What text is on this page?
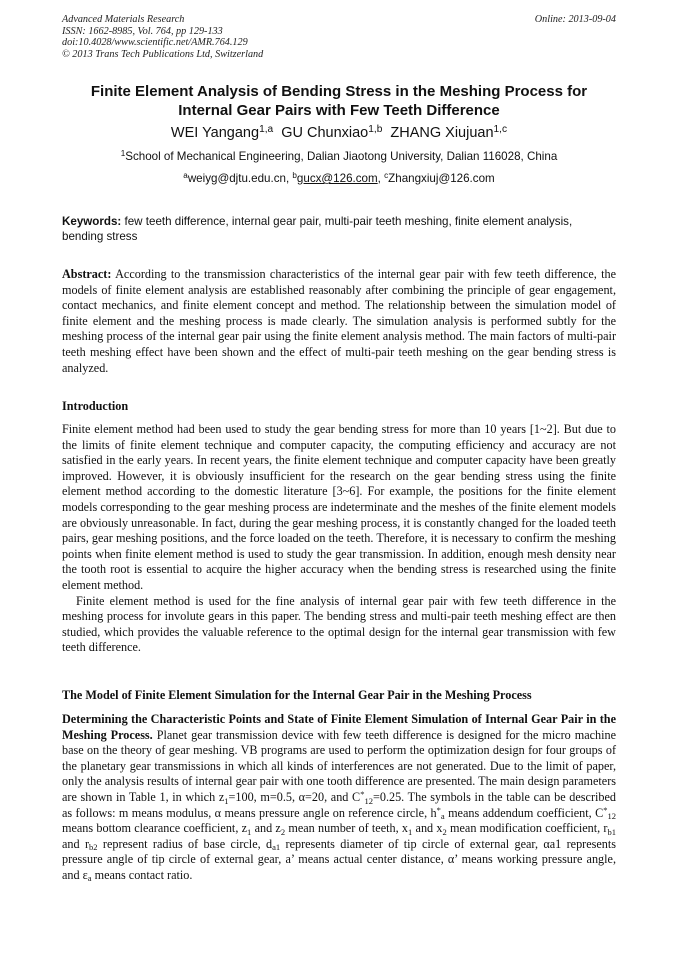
Advanced Materials Research
ISSN: 1662-8985, Vol. 764, pp 129-133
doi:10.4028/www.scientific.net/AMR.764.129
© 2013 Trans Tech Publications Ltd, Switzerland
Online: 2013-09-04
Finite Element Analysis of Bending Stress in the Meshing Process for Internal Gear Pairs with Few Teeth Difference
WEI Yangang$^{1,a}$ GU Chunxiao$^{1,b}$ ZHANG Xiujuan$^{1,c}$
$^1$School of Mechanical Engineering, Dalian Jiaotong University, Dalian 116028, China
$^a$weiyg@djtu.edu.cn, $^b$gucx@126.com, $^c$Zhangxiuj@126.com
Keywords: few teeth difference, internal gear pair, multi-pair teeth meshing, finite element analysis, bending stress
Abstract: According to the transmission characteristics of the internal gear pair with few teeth difference, the models of finite element analysis are established reasonably after combining the principle of gear engagement, contact mechanics, and finite element concept and method. The relationship between the simulation model of finite element and the meshing process is made clearly. The simulation analysis is performed subtly for the meshing process of the internal gear pair using the finite element analysis method. The main factors of multi-pair teeth meshing effect have been shown and the effect of multi-pair teeth meshing on the gear bending stress is analyzed.
Introduction

Finite element method had been used to study the gear bending stress for more than 10 years [1~2]. But due to the limits of finite element technique and computer capacity, the computing efficiency and accuracy are not satisfied in the early years. In recent years, the finite element technique and computer capacity have been greatly improved. However, it is obviously insufficient for the research on the gear bending stress using the finite element method according to the domestic literature [3~6]. For example, the positions for the finite element models corresponding to the gear meshing process are indeterminate and the meshes of the finite element models are obviously unreasonable. In fact, during the gear meshing process, it is constantly changed for the loaded teeth pairs, gear meshing positions, and the force loaded on the teeth. Therefore, it is necessary to confirm the meshing points when finite element method is used to study the gear transmission. In addition, enough mesh density near the tooth root is essential to acquire the higher accuracy when the bending stress is researched using the finite element method.

Finite element method is used for the fine analysis of internal gear pair with few teeth difference in the meshing process for involute gears in this paper. The bending stress and multi-pair teeth meshing effect are then studied, which provides the valuable reference to the optimal design for the internal gear transmission with few teeth difference.

The Model of Finite Element Simulation for the Internal Gear Pair in the Meshing Process
Determining the Characteristic Points and State of Finite Element Simulation of Internal Gear Pair in the Meshing Process. Planet gear transmission device with few teeth difference is designed for the micro machine base on the theory of gear meshing. VB programs are used to perform the optimization design for four groups of the planetary gear transmissions in which all kinds of interferences are not generated. Due to the limit of paper, only the analysis results of internal gear pair with one tooth difference are presented. The main design parameters are shown in Table 1, in which $z_1=100$, m=0.5, α=20, and $C^*_{12}=0.25$. The symbols in the table can be described as follows: m means modulus, α means pressure angle on reference circle, $h^*_a$ means addendum coefficient, $C^*_{12}$ means bottom clearance coefficient, $z_1$ and $z_2$ mean number of teeth, $x_1$ and $x_2$ mean modification coefficient, $r_{b1}$ and $r_{b2}$ represent radius of base circle, $d_{a1}$ represents diameter of tip circle of external gear, αa1 represents pressure angle of tip circle of external gear, a’ means actual center distance, α’ means working pressure angle, and $\varepsilon_a$ means contact ratio.
